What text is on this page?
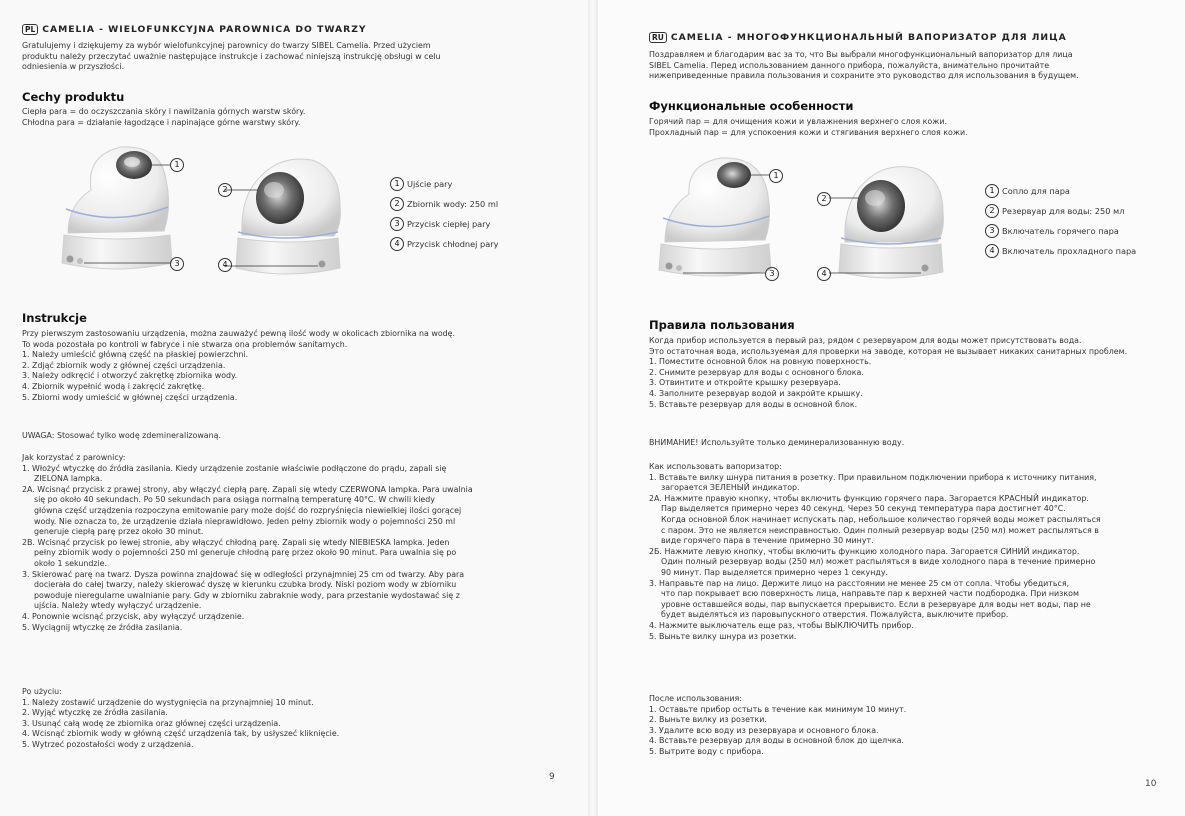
PL CAMELIA - WIELOFUNKCYJNA PAROWNICA DO TWARZY
Gratulujemy i dziękujemy za wybór wielofunkcyjnej parownicy do twarzy SIBEL Camelia. Przed użyciem
produktu należy przeczytać uważnie następujące instrukcje i zachować niniejszą instrukcję obsługi w celu
odniesienia w przyszłości.
Cechy produktu
Ciepła para = do oczyszczania skóry i nawilżania górnych warstw skóry.
Chłodna para = działanie łagodzące i napinające górne warstwy skóry.
1
3
2
4
1 Ujście pary
2 Zbiornik wody: 250 ml
3 Przycisk ciepłej pary
4 Przycisk chłodnej pary
Instrukcje
Przy pierwszym zastosowaniu urządzenia, można zauważyć pewną ilość wody w okolicach zbiornika na wodę.
To woda pozostała po kontroli w fabryce i nie stwarza ona problemów sanitarnych.
1. Należy umieścić główną część na płaskiej powierzchni.
2. Zdjąć zbiornik wody z głównej części urządzenia.
3. Należy odkręcić i otworzyć zakrętkę zbiornika wody.
4. Zbiornik wypełnić wodą i zakręcić zakrętkę.
5. Zbiorni wody umieścić w głównej części urządzenia.
UWAGA: Stosować tylko wodę zdemineralizowaną.
Jak korzystać z parownicy:
1. Włożyć wtyczkę do źródła zasilania. Kiedy urządzenie zostanie właściwie podłączone do prądu, zapali się
ZIELONA lampka.
2A. Wcisnąć przycisk z prawej strony, aby włączyć ciepłą parę. Zapali się wtedy CZERWONA lampka. Para uwalnia
się po około 40 sekundach. Po 50 sekundach para osiąga normalną temperaturę 40°C. W chwili kiedy
główna część urządzenia rozpoczyna emitowanie pary może dojść do rozpryśnięcia niewielkiej ilości gorącej
wody. Nie oznacza to, że urządzenie działa nieprawidłowo. Jeden pełny zbiornik wody o pojemności 250 ml
generuje ciepłą parę przez około 30 minut.
2B. Wcisnąć przycisk po lewej stronie, aby włączyć chłodną parę. Zapali się wtedy NIEBIESKA lampka. Jeden
pełny zbiornik wody o pojemności 250 ml generuje chłodną parę przez około 90 minut. Para uwalnia się po
około 1 sekundzie.
3. Skierować parę na twarz. Dysza powinna znajdować się w odległości przynajmniej 25 cm od twarzy. Aby para
docierała do całej twarzy, należy skierować dyszę w kierunku czubka brody. Niski poziom wody w zbiorniku
powoduje nieregularne uwalnianie pary. Gdy w zbiorniku zabraknie wody, para przestanie wydostawać się z
ujścia. Należy wtedy wyłączyć urządzenie.
4. Ponownie wcisnąć przycisk, aby wyłączyć urządzenie.
5. Wyciągnij wtyczkę ze źródła zasilania.
Po użyciu:
1. Należy zostawić urządzenie do wystygnięcia na przynajmniej 10 minut.
2. Wyjąć wtyczkę ze źródła zasilania.
3. Usunąć całą wodę ze zbiornika oraz głównej części urządzenia.
4. Wcisnąć zbiornik wody w główną część urządzenia tak, by usłyszeć kliknięcie.
5. Wytrzeć pozostałości wody z urządzenia.
9
RU CAMELIA - МНОГОФУНКЦИОНАЛЬНЫЙ ВАПОРИЗАТОР ДЛЯ ЛИЦА
Поздравляем и благодарим вас за то, что Вы выбрали многофункциональный вапоризатор для лица
SIBEL Camelia. Перед использованием данного прибора, пожалуйста, внимательно прочитайте
нижеприведенные правила пользования и сохраните это руководство для использования в будущем.
Функциональные особенности
Горячий пар = для очищения кожи и увлажнения верхнего слоя кожи.
Прохладный пар = для успокоения кожи и стягивания верхнего слоя кожи.
1
3
2
4
1 Сопло для пара
2 Резервуар для воды: 250 мл
3 Включатель горячего пара
4 Включатель прохладного пара
Правила пользования
Когда прибор используется в первый раз, рядом с резервуаром для воды может присутствовать вода.
Это остаточная вода, используемая для проверки на заводе, которая не вызывает никаких санитарных проблем.
1. Поместите основной блок на ровную поверхность.
2. Снимите резервуар для воды с основного блока.
3. Отвинтите и откройте крышку резервуара.
4. Заполните резервуар водой и закройте крышку.
5. Вставьте резервуар для воды в основной блок.
ВНИМАНИЕ! Используйте только деминерализованную воду.
Как использовать вапоризатор:
1. Вставьте вилку шнура питания в розетку. При правильном подключении прибора к источнику питания,
загорается ЗЕЛЕНЫЙ индикатор.
2А. Нажмите правую кнопку, чтобы включить функцию горячего пара. Загорается КРАСНЫЙ индикатор.
Пар выделяется примерно через 40 секунд. Через 50 секунд температура пара достигнет 40°C.
Когда основной блок начинает испускать пар, небольшое количество горячей воды может распыляться
с паром. Это не является неисправностью. Один полный резервуар воды (250 мл) может распыляться в
виде горячего пара в течение примерно 30 минут.
2Б. Нажмите левую кнопку, чтобы включить функцию холодного пара. Загорается СИНИЙ индикатор.
Один полный резервуар воды (250 мл) может распыляться в виде холодного пара в течение примерно
90 минут. Пар выделяется примерно через 1 секунду.
3. Направьте пар на лицо. Держите лицо на расстоянии не менее 25 см от сопла. Чтобы убедиться,
что пар покрывает всю поверхность лица, направьте пар к верхней части подбородка. При низком
уровне оставшейся воды, пар выпускается прерывисто. Если в резервуаре для воды нет воды, пар не
будет выделяться из паровыпускного отверстия. Пожалуйста, выключите прибор.
4. Нажмите выключатель еще раз, чтобы ВЫКЛЮЧИТЬ прибор.
5. Выньте вилку шнура из розетки.
После использования:
1. Оставьте прибор остыть в течение как минимум 10 минут.
2. Выньте вилку из розетки.
3. Удалите всю воду из резервуара и основного блока.
4. Вставьте резервуар для воды в основной блок до щелчка.
5. Вытрите воду с прибора.
10
